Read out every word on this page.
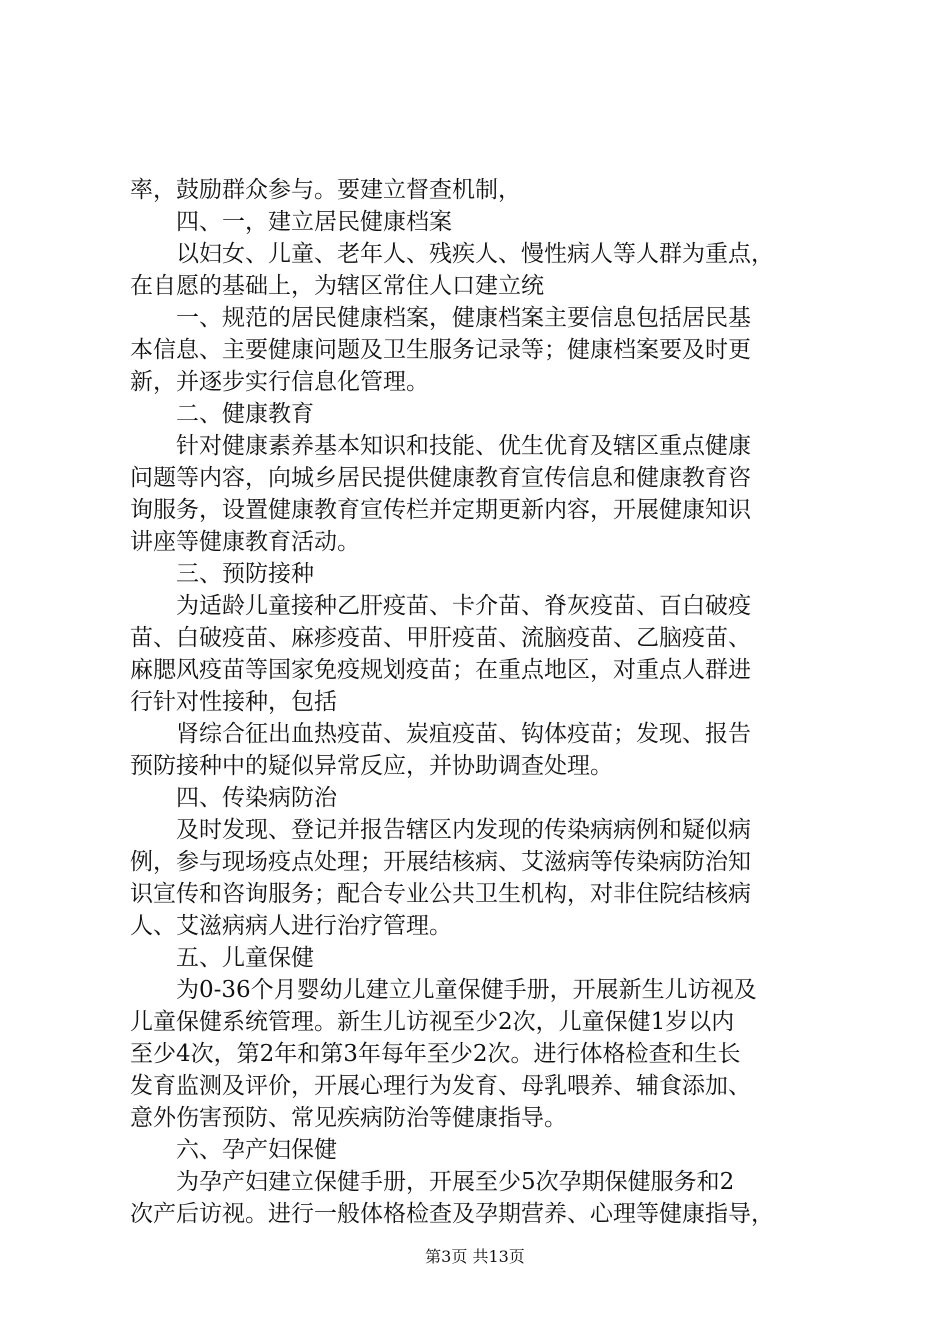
率，鼓励群众参与。要建立督查机制，
四、一，建立居民健康档案
以妇女、儿童、老年人、残疾人、慢性病人等人群为重点，
在自愿的基础上，为辖区常住人口建立统
一、规范的居民健康档案，健康档案主要信息包括居民基
本信息、主要健康问题及卫生服务记录等；健康档案要及时更
新，并逐步实行信息化管理。
二、健康教育
针对健康素养基本知识和技能、优生优育及辖区重点健康
问题等内容，向城乡居民提供健康教育宣传信息和健康教育咨
询服务，设置健康教育宣传栏并定期更新内容，开展健康知识
讲座等健康教育活动。
三、预防接种
为适龄儿童接种乙肝疫苗、卡介苗、脊灰疫苗、百白破疫
苗、白破疫苗、麻疹疫苗、甲肝疫苗、流脑疫苗、乙脑疫苗、
麻腮风疫苗等国家免疫规划疫苗；在重点地区，对重点人群进
行针对性接种，包括
肾综合征出血热疫苗、炭疽疫苗、钩体疫苗；发现、报告
预防接种中的疑似异常反应，并协助调查处理。
四、传染病防治
及时发现、登记并报告辖区内发现的传染病病例和疑似病
例，参与现场疫点处理；开展结核病、艾滋病等传染病防治知
识宣传和咨询服务；配合专业公共卫生机构，对非住院结核病
人、艾滋病病人进行治疗管理。
五、儿童保健
为0-36个月婴幼儿建立儿童保健手册，开展新生儿访视及
儿童保健系统管理。新生儿访视至少2次，儿童保健1岁以内
至少4次，第2年和第3年每年至少2次。进行体格检查和生长
发育监测及评价，开展心理行为发育、母乳喂养、辅食添加、
意外伤害预防、常见疾病防治等健康指导。
六、孕产妇保健
为孕产妇建立保健手册，开展至少5次孕期保健服务和2
次产后访视。进行一般体格检查及孕期营养、心理等健康指导，
第3页 共13页
